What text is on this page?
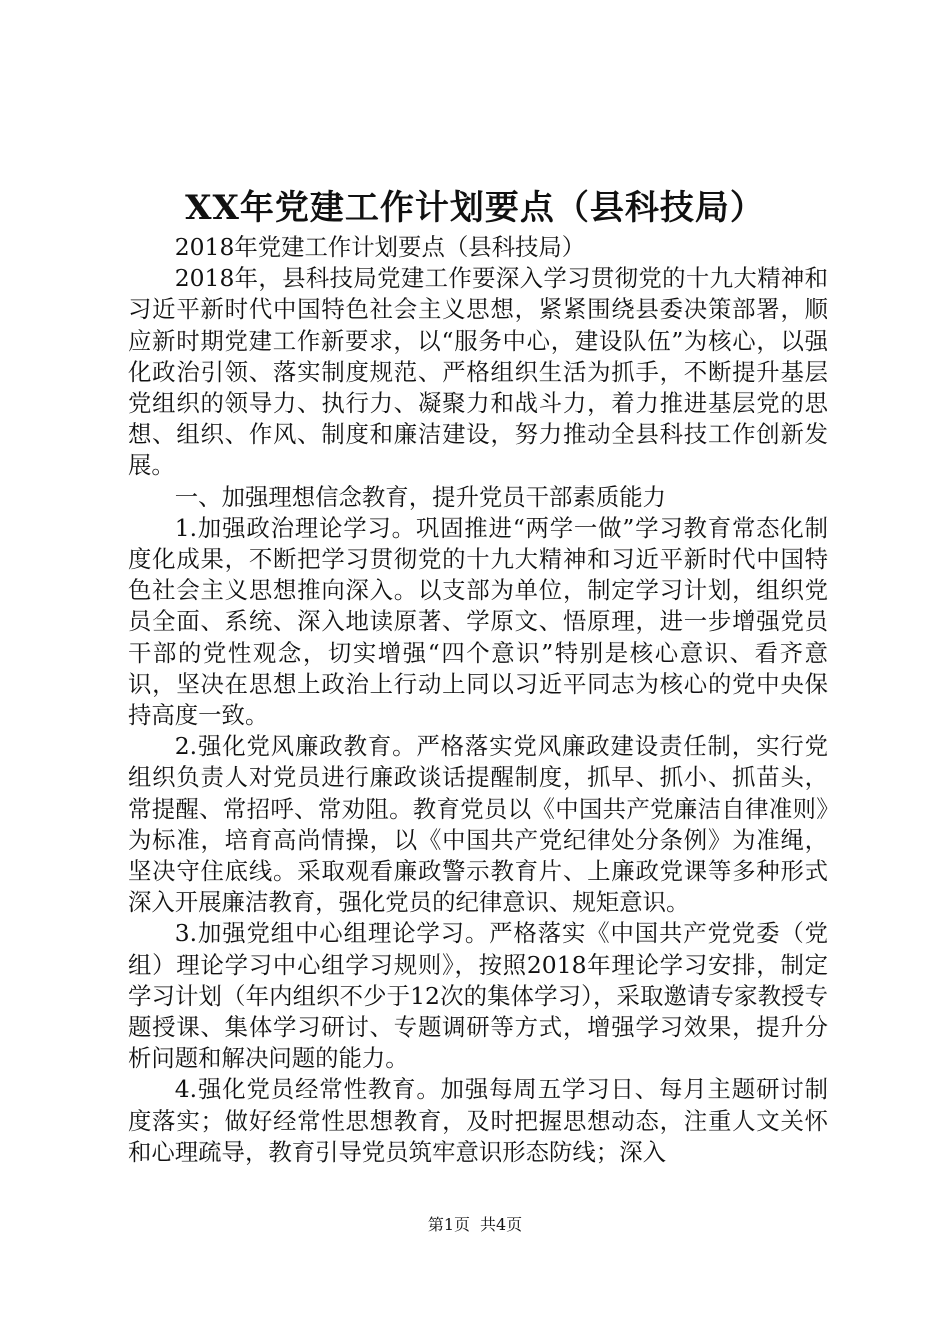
XX年党建工作计划要点（县科技局）

2018年党建工作计划要点（县科技局）

2018年，县科技局党建工作要深入学习贯彻党的十九大精神和习近平新时代中国特色社会主义思想，紧紧围绕县委决策部署，顺应新时期党建工作新要求，以“服务中心，建设队伍”为核心，以强化政治引领、落实制度规范、严格组织生活为抓手，不断提升基层党组织的领导力、执行力、凝聚力和战斗力，着力推进基层党的思想、组织、作风、制度和廉洁建设，努力推动全县科技工作创新发展。

一、加强理想信念教育，提升党员干部素质能力

1.加强政治理论学习。巩固推进“两学一做”学习教育常态化制度化成果，不断把学习贯彻党的十九大精神和习近平新时代中国特色社会主义思想推向深入。以支部为单位，制定学习计划，组织党员全面、系统、深入地读原著、学原文、悟原理，进一步增强党员干部的党性观念，切实增强“四个意识”特别是核心意识、看齐意识，坚决在思想上政治上行动上同以习近平同志为核心的党中央保持高度一致。

2.强化党风廉政教育。严格落实党风廉政建设责任制，实行党组织负责人对党员进行廉政谈话提醒制度，抓早、抓小、抓苗头，常提醒、常招呼、常劝阻。教育党员以《中国共产党廉洁自律准则》为标准，培育高尚情操，以《中国共产党纪律处分条例》为准绳，坚决守住底线。采取观看廉政警示教育片、上廉政党课等多种形式深入开展廉洁教育，强化党员的纪律意识、规矩意识。

3.加强党组中心组理论学习。严格落实《中国共产党党委（党组）理论学习中心组学习规则》，按照2018年理论学习安排，制定学习计划（年内组织不少于12次的集体学习），采取邀请专家教授专题授课、集体学习研讨、专题调研等方式，增强学习效果，提升分析问题和解决问题的能力。

4.强化党员经常性教育。加强每周五学习日、每月主题研讨制度落实；做好经常性思想教育，及时把握思想动态，注重人文关怀和心理疏导，教育引导党员筑牢意识形态防线；深入

第1页 共4页
